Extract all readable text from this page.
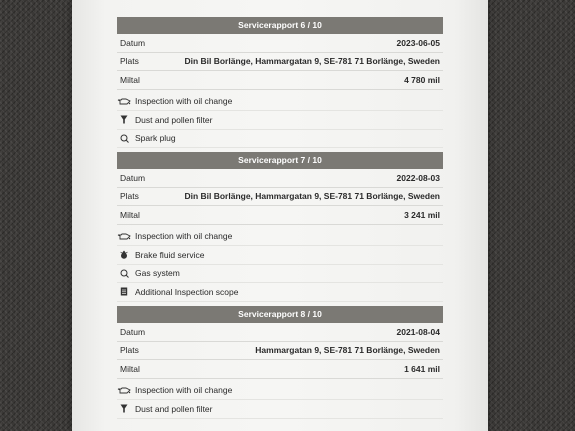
Servicerapport 6 / 10
Datum	2023-06-05
Plats	Din Bil Borlänge, Hammargatan 9, SE-781 71 Borlänge, Sweden
Miltal	4 780 mil
Inspection with oil change
Dust and pollen filter
Spark plug
Servicerapport 7 / 10
Datum	2022-08-03
Plats	Din Bil Borlänge, Hammargatan 9, SE-781 71 Borlänge, Sweden
Miltal	3 241 mil
Inspection with oil change
Brake fluid service
Gas system
Additional Inspection scope
Servicerapport 8 / 10
Datum	2021-08-04
Plats	Hammargatan 9, SE-781 71 Borlänge, Sweden
Miltal	1 641 mil
Inspection with oil change
Dust and pollen filter
